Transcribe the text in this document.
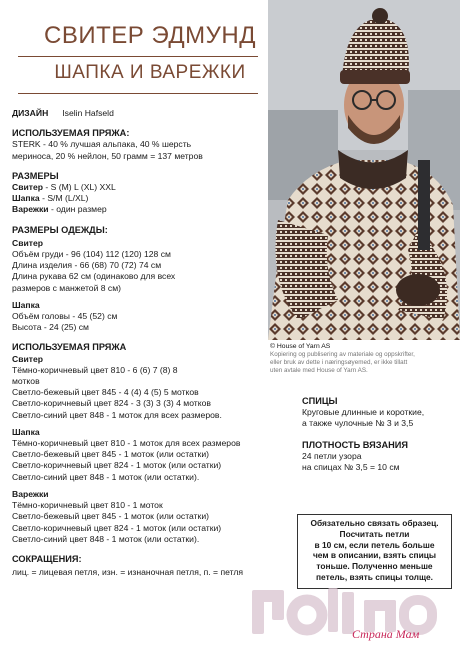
СВИТЕР ЭДМУНД
ШАПКА И ВАРЕЖКИ
ДИЗАЙН Iselin Hafseld
ИСПОЛЬЗУЕМАЯ ПРЯЖА:
STERK - 40 % лучшая альпака, 40 % шерсть
мериноса, 20 % нейлон, 50 грамм = 137 метров
РАЗМЕРЫ
Свитер - S (M) L (XL) XXL
Шапка - S/M (L/XL)
Варежки - один размер
РАЗМЕРЫ ОДЕЖДЫ:
Свитер
Объём груди - 96 (104) 112 (120) 128 см
Длина изделия - 66 (68) 70 (72) 74 см
Длина рукава 62 см (одинаково для всех
размеров с манжетой 8 см)
Шапка
Объём головы - 45 (52) см
Высота - 24 (25) см
ИСПОЛЬЗУЕМАЯ ПРЯЖА
Свитер
Тёмно-коричневый цвет 810 - 6 (6) 7 (8) 8
мотков
Светло-бежевый цвет 845 - 4 (4) 4 (5) 5 мотков
Светло-коричневый цвет 824 - 3 (3) 3 (3) 4 мотков
Светло-синий цвет 848 - 1 моток для всех размеров.
Шапка
Тёмно-коричневый цвет 810 - 1 моток для всех размеров
Светло-бежевый цвет 845 - 1 моток (или остатки)
Светло-коричневый цвет 824 - 1 моток (или остатки)
Светло-синий цвет 848 - 1 моток (или остатки).
Варежки
Тёмно-коричневый цвет 810 - 1 моток
Светло-бежевый цвет 845 - 1 моток (или остатки)
Светло-коричневый цвет 824 - 1 моток (или остатки)
Светло-синий цвет 848 - 1 моток (или остатки).
СОКРАЩЕНИЯ:
лиц. = лицевая петля, изн. = изнаночная петля, п. = петля
© House of Yarn AS
Kopiering og publisering av materiale og oppskrifter,
eller bruk av dette i næringsøyemed, er ikke tillatt
uten avtale med House of Yarn AS.
СПИЦЫ
Круговые длинные и короткие,
а также чулочные № 3 и 3,5
ПЛОТНОСТЬ ВЯЗАНИЯ
24 петли узора
на спицах № 3,5 = 10 см
Обязательно связать образец.
Посчитать петли
в 10 см, если петель больше
чем в описании, взять спицы
тоньше. Полученно меньше
петель, взять спицы толще.
Страна Мам
